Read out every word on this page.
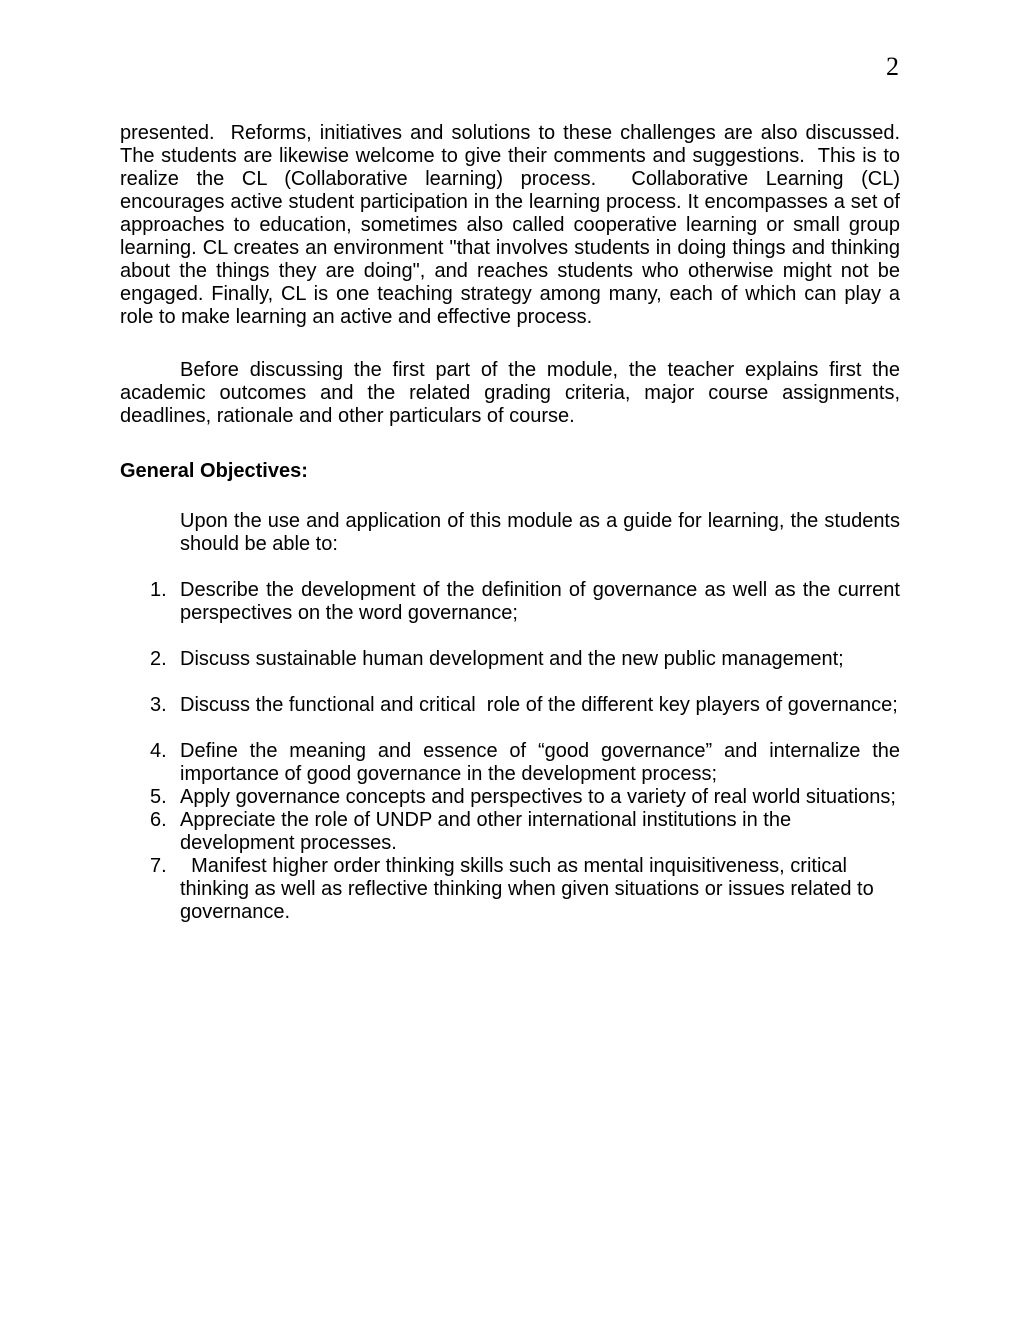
2
presented.  Reforms, initiatives and solutions to these challenges are also discussed.
The students are likewise welcome to give their comments and suggestions.  This is to
realize the CL (Collaborative learning) process.  Collaborative Learning (CL)
encourages active student participation in the learning process. It encompasses a set of
approaches to education, sometimes also called cooperative learning or small group
learning. CL creates an environment "that involves students in doing things and thinking
about the things they are doing", and reaches students who otherwise might not be
engaged. Finally, CL is one teaching strategy among many, each of which can play a
role to make learning an active and effective process.
Before discussing the first part of the module, the teacher explains first the
academic outcomes and the related grading criteria, major course assignments,
deadlines, rationale and other particulars of course.
General Objectives:
Upon the use and application of this module as a guide for learning, the students
should be able to:
1. Describe the development of the definition of governance as well as the current
perspectives on the word governance;
2. Discuss sustainable human development and the new public management;
3. Discuss the functional and critical  role of the different key players of governance;
4. Define the meaning and essence of “good governance” and internalize the
importance of good governance in the development process;
5. Apply governance concepts and perspectives to a variety of real world situations;
6. Appreciate the role of UNDP and other international institutions in the
development processes.
7. Manifest higher order thinking skills such as mental inquisitiveness, critical
thinking as well as reflective thinking when given situations or issues related to
governance.
